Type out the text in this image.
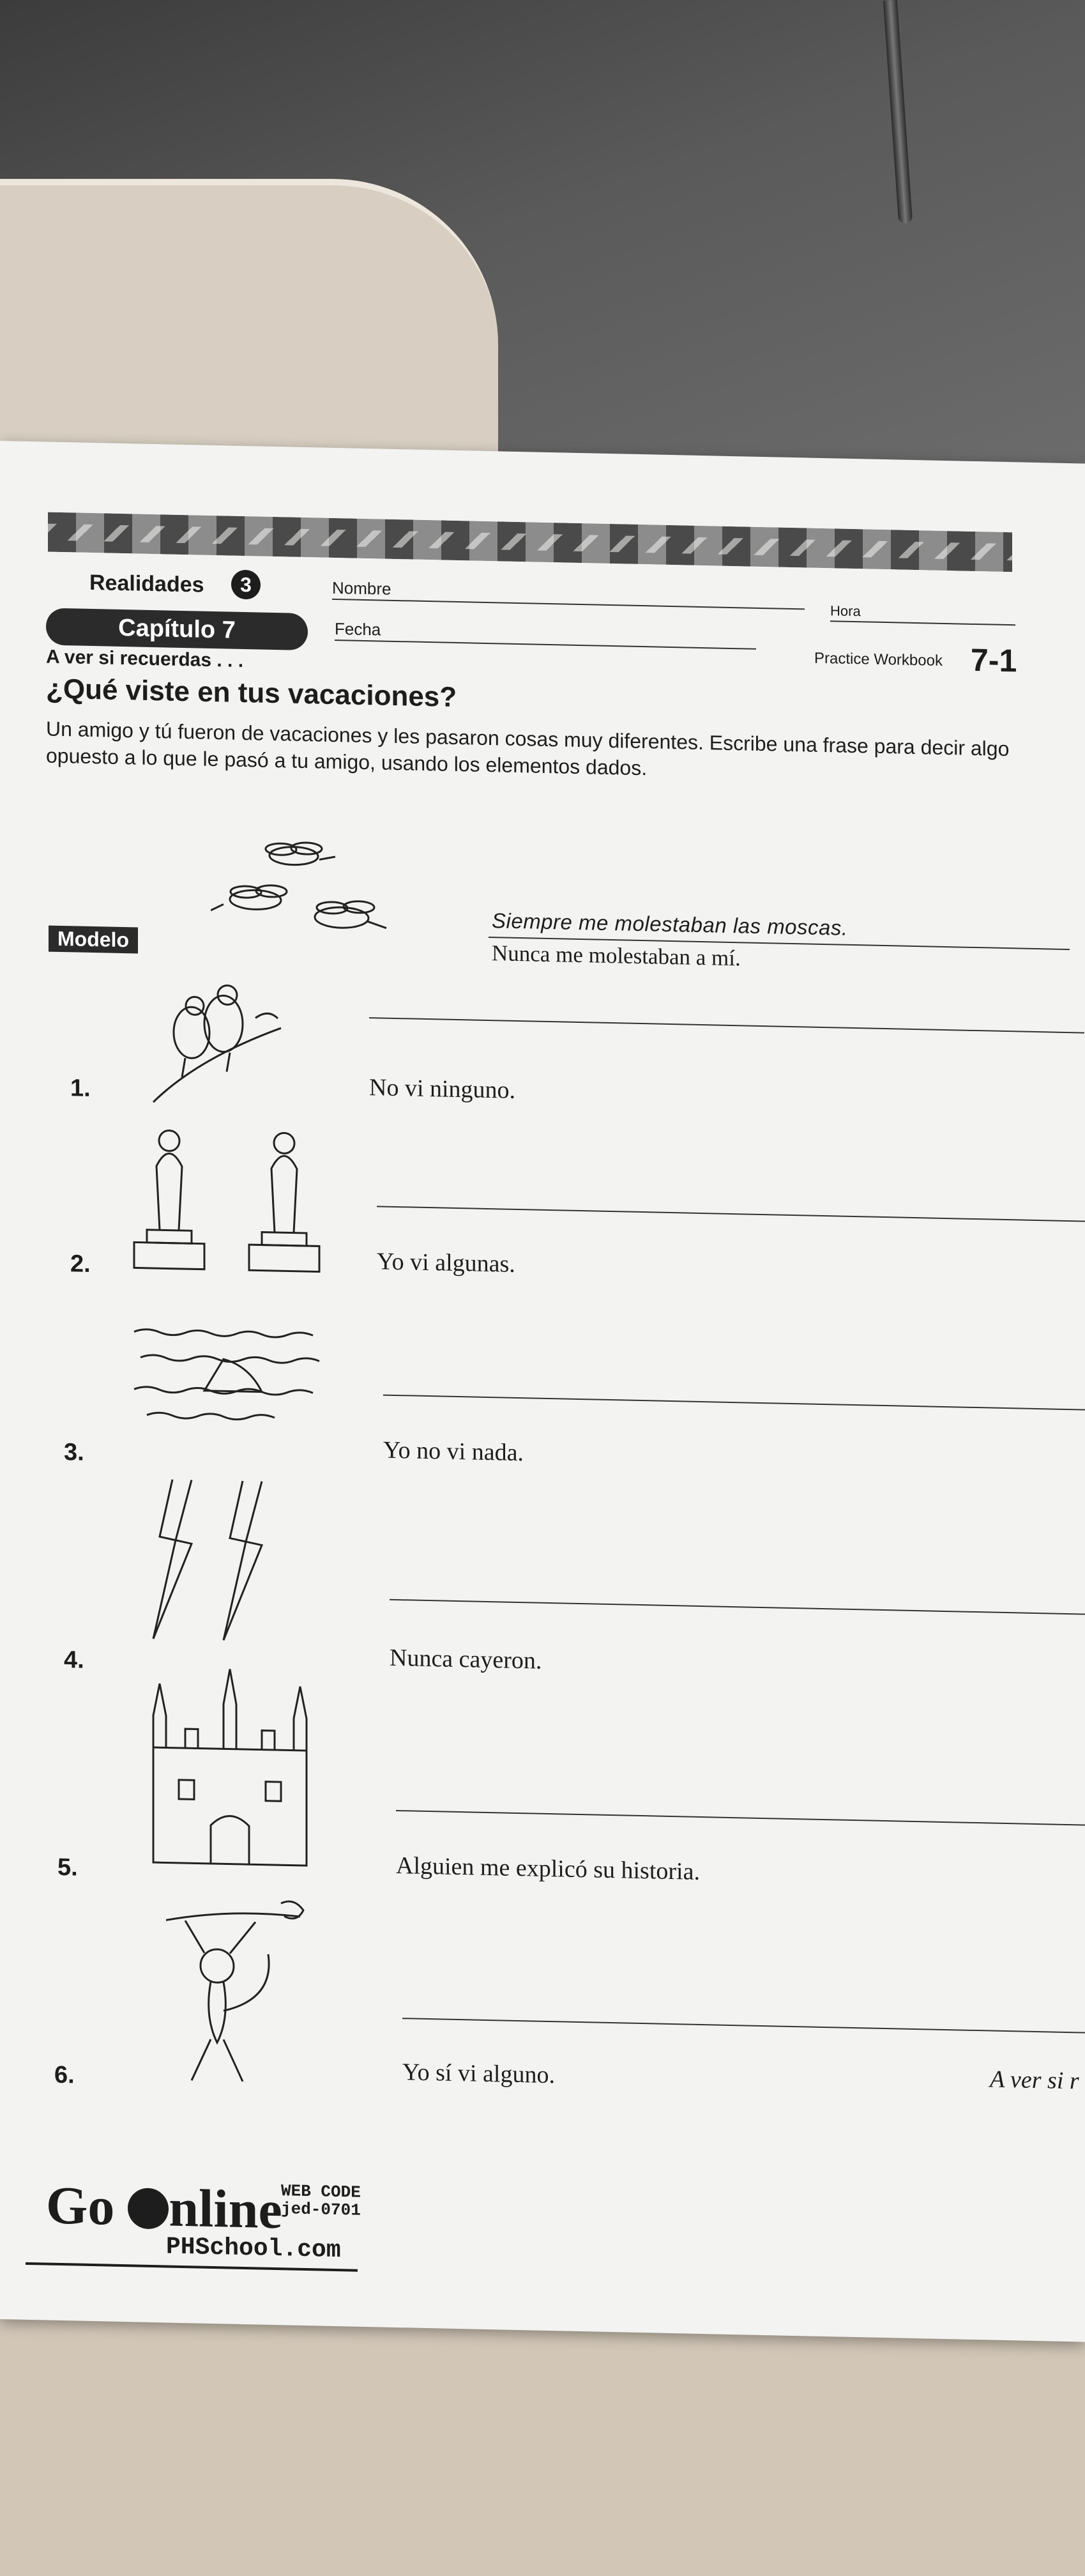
Realidades	3
Capítulo 7
Nombre
Hora
Fecha
A ver si recuerdas . . .	Practice Workbook 7-1
¿Qué viste en tus vacaciones?
Un amigo y tú fueron de vacaciones y les pasaron cosas muy diferentes. Escribe una frase para decir algo opuesto a lo que le pasó a tu amigo, usando los elementos dados.
Modelo	Siempre me molestaban las moscas.
Nunca me molestaban a mí.
1.	No vi ninguno.
2.	Yo vi algunas.
3.	Yo no vi nada.
4.	Nunca cayeron.
5.	Alguien me explicó su historia.
6.	Yo sí vi alguno.	A ver si r
Go nline
WEB CODE
jed-0701
PHSchool.com
